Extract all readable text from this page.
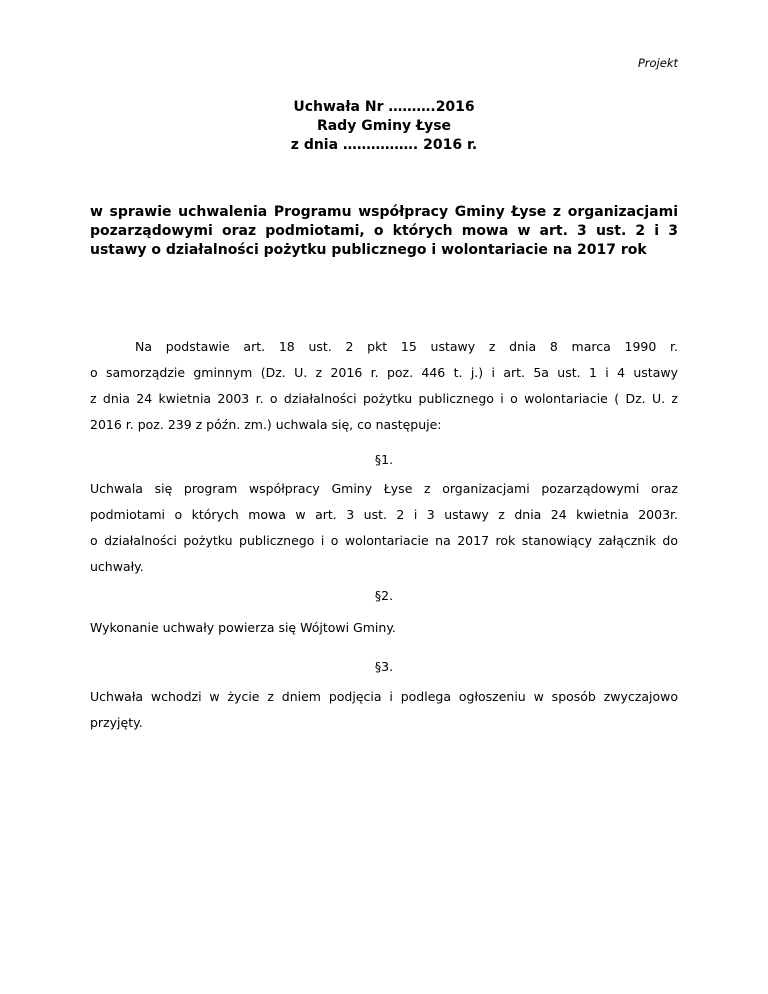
Projekt
Uchwała Nr ……….2016
Rady Gminy Łyse
z dnia ……………. 2016 r.
w sprawie uchwalenia Programu współpracy Gminy Łyse z organizacjami pozarządowymi oraz podmiotami, o których mowa w art. 3 ust. 2 i 3 ustawy o działalności pożytku publicznego i wolontariacie na 2017 rok
Na podstawie art. 18 ust. 2 pkt 15 ustawy z dnia 8 marca 1990 r.
o samorządzie gminnym (Dz. U. z 2016 r. poz. 446 t. j.) i art. 5a ust. 1 i 4 ustawy
z dnia 24 kwietnia 2003 r. o działalności pożytku publicznego i o wolontariacie ( Dz. U. z
2016 r. poz. 239 z późn. zm.) uchwala się, co następuje:
§1.
Uchwala się program współpracy Gminy Łyse z organizacjami pozarządowymi oraz
podmiotami o których mowa w art. 3 ust. 2 i 3 ustawy z dnia 24 kwietnia 2003r.
o działalności pożytku publicznego i o wolontariacie na 2017 rok stanowiący załącznik do
uchwały.
§2.
Wykonanie uchwały powierza się Wójtowi Gminy.
§3.
Uchwała wchodzi w życie z dniem podjęcia i podlega ogłoszeniu w sposób zwyczajowo
przyjęty.
